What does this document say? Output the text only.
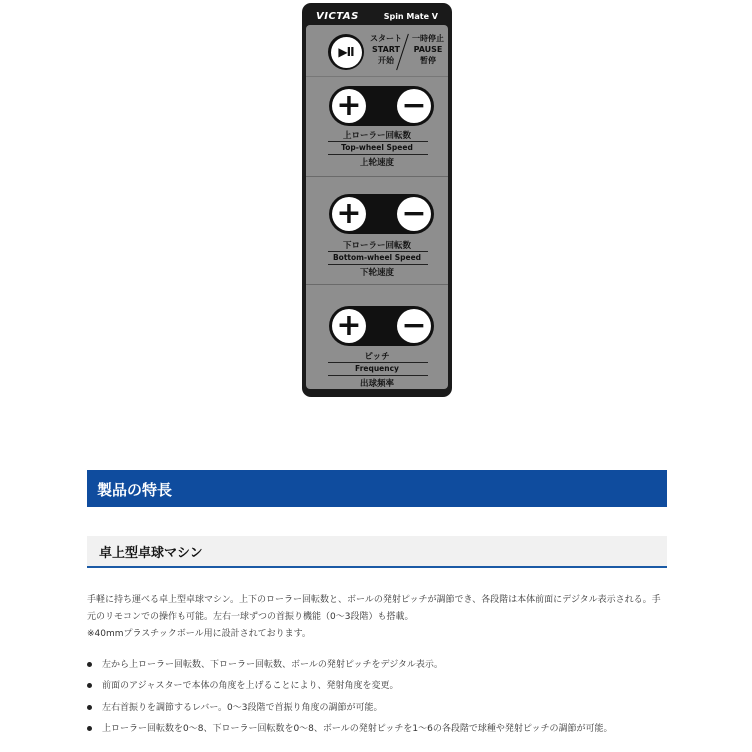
VICTAS	Spin Mate V
▶II
スタート
START
开始
一時停止
PAUSE
暂停
+ −
上ローラー回転数
Top-wheel Speed
上轮速度
+ −
下ローラー回転数
Bottom-wheel Speed
下轮速度
+ −
ピッチ
Frequency
出球频率
製品の特長
卓上型卓球マシン

手軽に持ち運べる卓上型卓球マシン。上下のローラー回転数と、ボールの発射ピッチが調節でき、各段階は本体前面にデジタル表示される。手

元のリモコンでの操作も可能。左右一球ずつの首振り機能（0〜3段階）も搭載。

※40mmプラスチックボール用に設計されております。

左から上ローラー回転数、下ローラー回転数、ボールの発射ピッチをデジタル表示。
前面のアジャスターで本体の角度を上げることにより、発射角度を変更。
左右首振りを調節するレバー。0〜3段階で首振り角度の調節が可能。
上ローラー回転数を0〜8、下ローラー回転数を0〜8、ボールの発射ピッチを1〜6の各段階で球種や発射ピッチの調節が可能。
